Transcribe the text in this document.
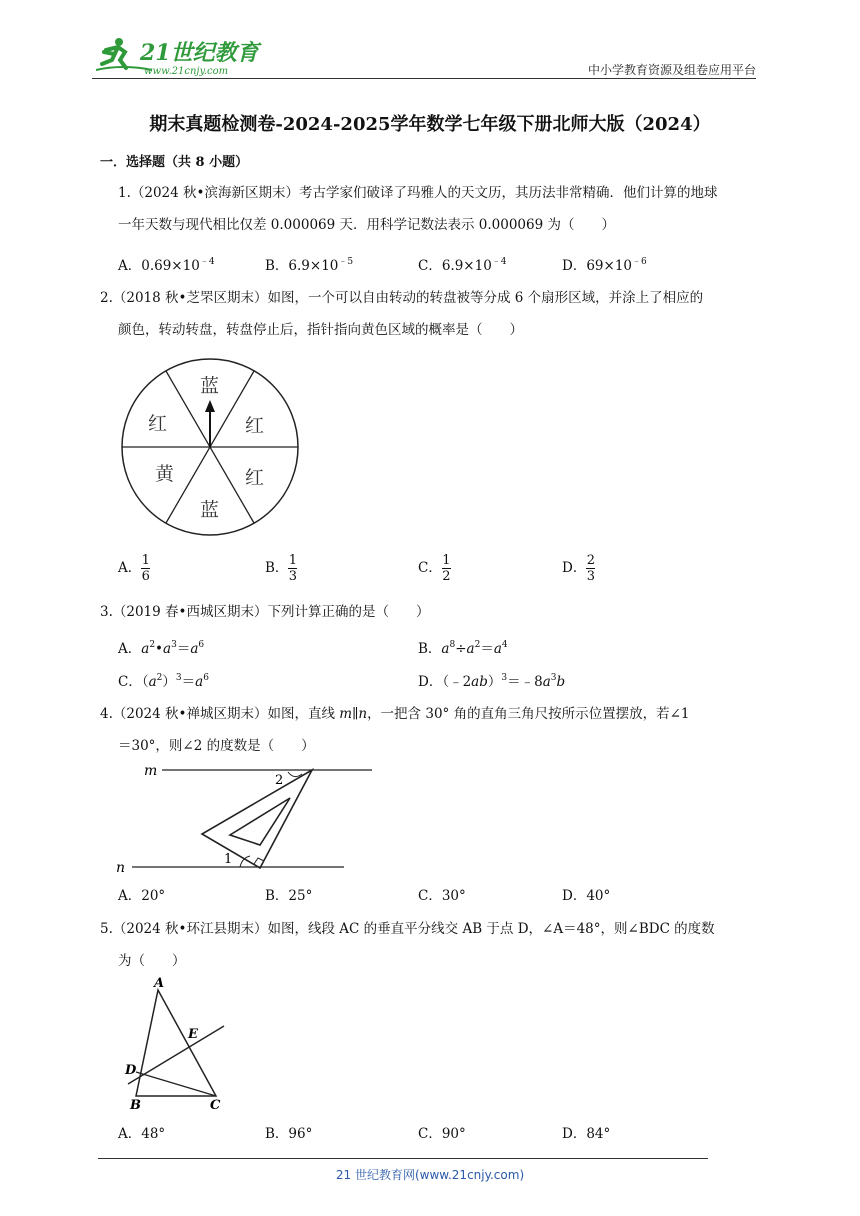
21世纪教育
www.21cnjy.com	中小学教育资源及组卷应用平台
期末真题检测卷-2024-2025学年数学七年级下册北师大版（2024）
一．选择题（共 8 小题）
1.（2024 秋•滨海新区期末）考古学家们破译了玛雅人的天文历，其历法非常精确．他们计算的地球
一年天数与现代相比仅差 0.000069 天．用科学记数法表示 0.000069 为（　　）
A．$0.69\times 10^{﹣4}$	B．$6.9\times 10^{﹣5}$	C．$6.9\times 10^{﹣4}$	D．$69\times 10^{﹣6}$
2.（2018 秋•芝罘区期末）如图，一个可以自由转动的转盘被等分成 6 个扇形区域，并涂上了相应的
颜色，转动转盘，转盘停止后，指针指向黄色区域的概率是（　　）
蓝
红
红
蓝
黄
红
A． $\frac{1}{6}$	B． $\frac{1}{3}$	C． $\frac{1}{2}$	D． $\frac{2}{3}$
3.（2019 春•西城区期末）下列计算正确的是（　　）
A．$a^2•a^3=a^6$	B．$a^8\div a^2=a^4$
C．$(a^2)^3=a^6$	D．$(﹣2ab)^3=﹣8a^3b$
4.（2024 秋•禅城区期末）如图，直线 m∥n，一把含 30° 角的直角三角尺按所示位置摆放，若∠1
＝30°，则∠2 的度数是（　　）
m
n
2
1
A．20°	B．25°	C．30°	D．40°
5.（2024 秋•环江县期末）如图，线段 AC 的垂直平分线交 AB 于点 D，∠A＝48°，则∠BDC 的度数
为（　　）
A
B	C
D
E
A．48°	B．96°	C．90°	D．84°
21 世纪教育网(www.21cnjy.com)
